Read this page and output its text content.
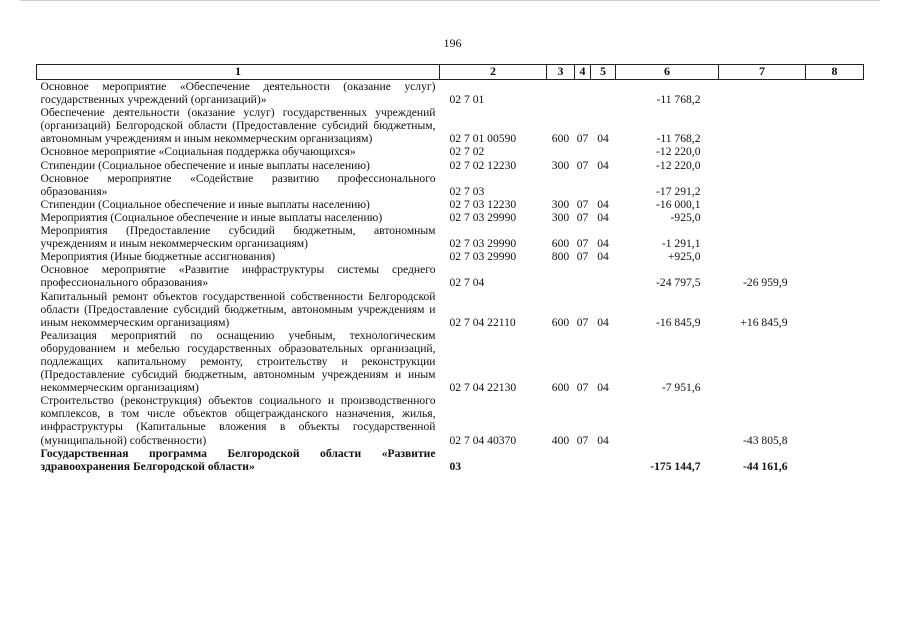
196
1	2	3	4	5	6	7	8
Основное мероприятие «Обеспечение деятельности (оказание услуг) государственных учреждений (организаций)»	02 7 01				-11 768,2		
Обеспечение деятельности (оказание услуг) государственных учреждений (организаций) Белгородской области (Предоставление субсидий бюджетным, автономным учреждениям и иным некоммерческим организациям)	02 7 01 00590	600	07	04	-11 768,2		
Основное мероприятие «Социальная поддержка обучающихся»	02 7 02				-12 220,0		
Стипендии (Социальное обеспечение и иные выплаты населению)	02 7 02 12230	300	07	04	-12 220,0		
Основное мероприятие «Содействие развитию профессионального образования»	02 7 03				-17 291,2		
Стипендии (Социальное обеспечение и иные выплаты населению)	02 7 03 12230	300	07	04	-16 000,1		
Мероприятия (Социальное обеспечение и иные выплаты населению)	02 7 03 29990	300	07	04	-925,0		
Мероприятия (Предоставление субсидий бюджетным, автономным учреждениям и иным некоммерческим организациям)	02 7 03 29990	600	07	04	-1 291,1		
Мероприятия (Иные бюджетные ассигнования)	02 7 03 29990	800	07	04	+925,0		
Основное мероприятие «Развитие инфраструктуры системы среднего профессионального образования»	02 7 04				-24 797,5	-26 959,9	
Капитальный ремонт объектов государственной собственности Белгородской области (Предоставление субсидий бюджетным, автономным учреждениям и иным некоммерческим организациям)	02 7 04 22110	600	07	04	-16 845,9	+16 845,9	
Реализация мероприятий по оснащению учебным, технологическим оборудованием и мебелью государственных образовательных организаций, подлежащих капитальному ремонту, строительству и реконструкции (Предоставление субсидий бюджетным, автономным учреждениям и иным некоммерческим организациям)	02 7 04 22130	600	07	04	-7 951,6		
Строительство (реконструкция) объектов социального и производственного комплексов, в том числе объектов общегражданского назначения, жилья, инфраструктуры (Капитальные вложения в объекты государственной (муниципальной) собственности)	02 7 04 40370	400	07	04		-43 805,8	
Государственная программа Белгородской области «Развитие здравоохранения Белгородской области»	03				-175 144,7	-44 161,6	
